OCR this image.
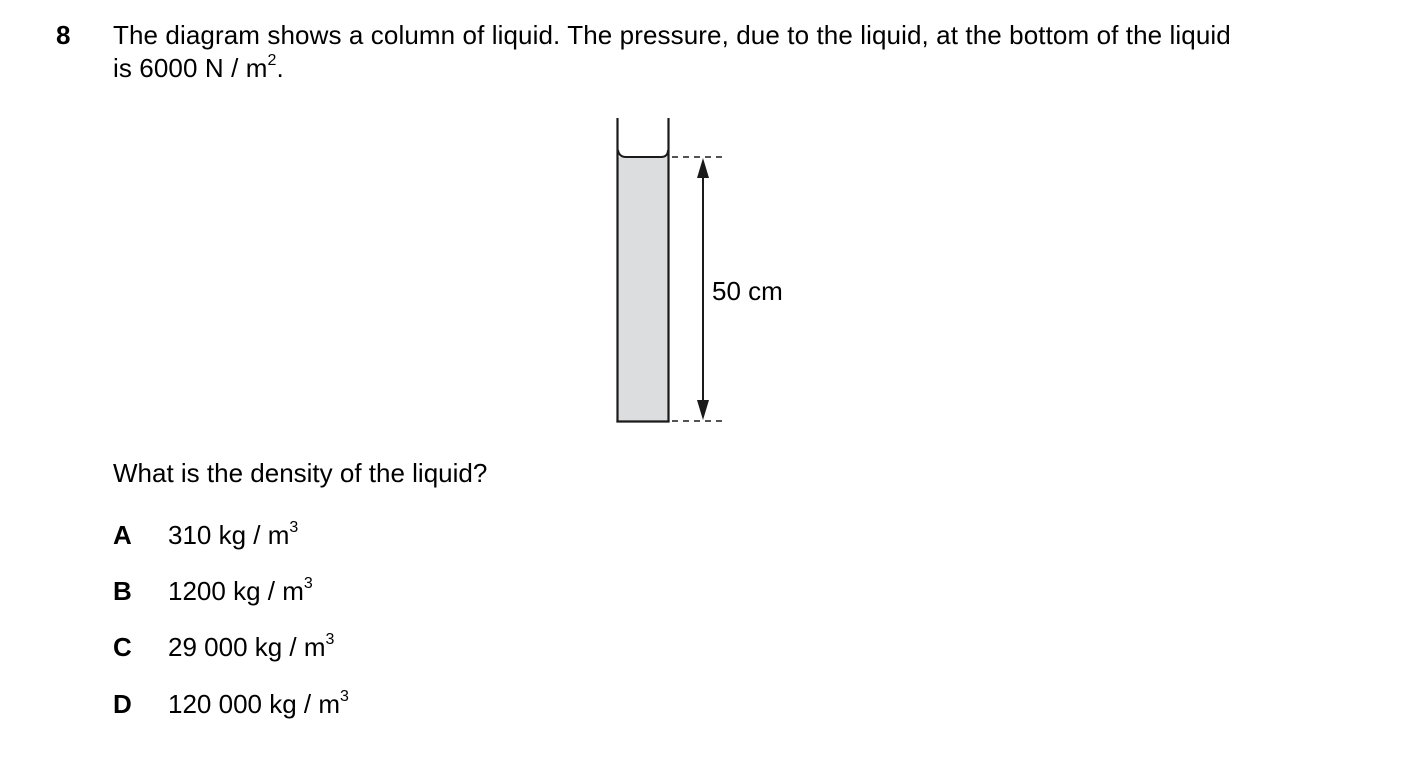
8 The diagram shows a column of liquid. The pressure, due to the liquid, at the bottom of the liquid
is 6000 N / $m^2$.
50 cm
What is the density of the liquid?
A 310 kg / $m^3$
B 1200 kg / $m^3$
C 29 000 kg / $m^3$
D 120 000 kg / $m^3$
